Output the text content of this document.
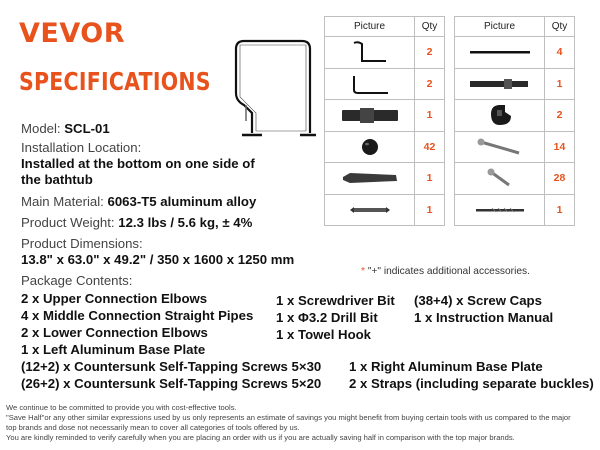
VEVOR
SPECIFICATIONS
Model: SCL-01
Installation Location:
Installed at the bottom on one side of
the bathtub
Main Material: 6063-T5 aluminum alloy
Product Weight: 12.3 lbs / 5.6 kg, ± 4%
Product Dimensions:
13.8" x 63.0" x 49.2" / 350 x 1600 x 1250 mm
Package Contents:
2 x Upper Connection Elbows
4 x Middle Connection Straight Pipes
2 x Lower Connection Elbows
1 x Left Aluminum Base Plate
(12+2) x Countersunk Self-Tapping Screws 5×30
(26+2) x Countersunk Self-Tapping Screws 5×20
1 x Screwdriver Bit
1 x Φ3.2 Drill Bit
1 x Towel Hook
(38+4) x Screw Caps
1 x Instruction Manual
1 x Right Aluminum Base Plate
2 x Straps (including separate buckles)
Picture	Qty

	2

	2

	1

	42

	1

	1
Picture	Qty

	4

	1

	2

	14

	28

	1
* "+" indicates additional accessories.
We continue to be committed to provide you with cost-effective tools.
"Save Half"or any other similar expressions used by us only represents an estimate of savings you might benefit from buying certain tools with us compared to the major
top brands and dose not necessarily mean to cover all categories of tools offered by us.
You are kindly reminded to verify carefully when you are placing an order with us if you are actually saving half in comparison with the top major brands.
